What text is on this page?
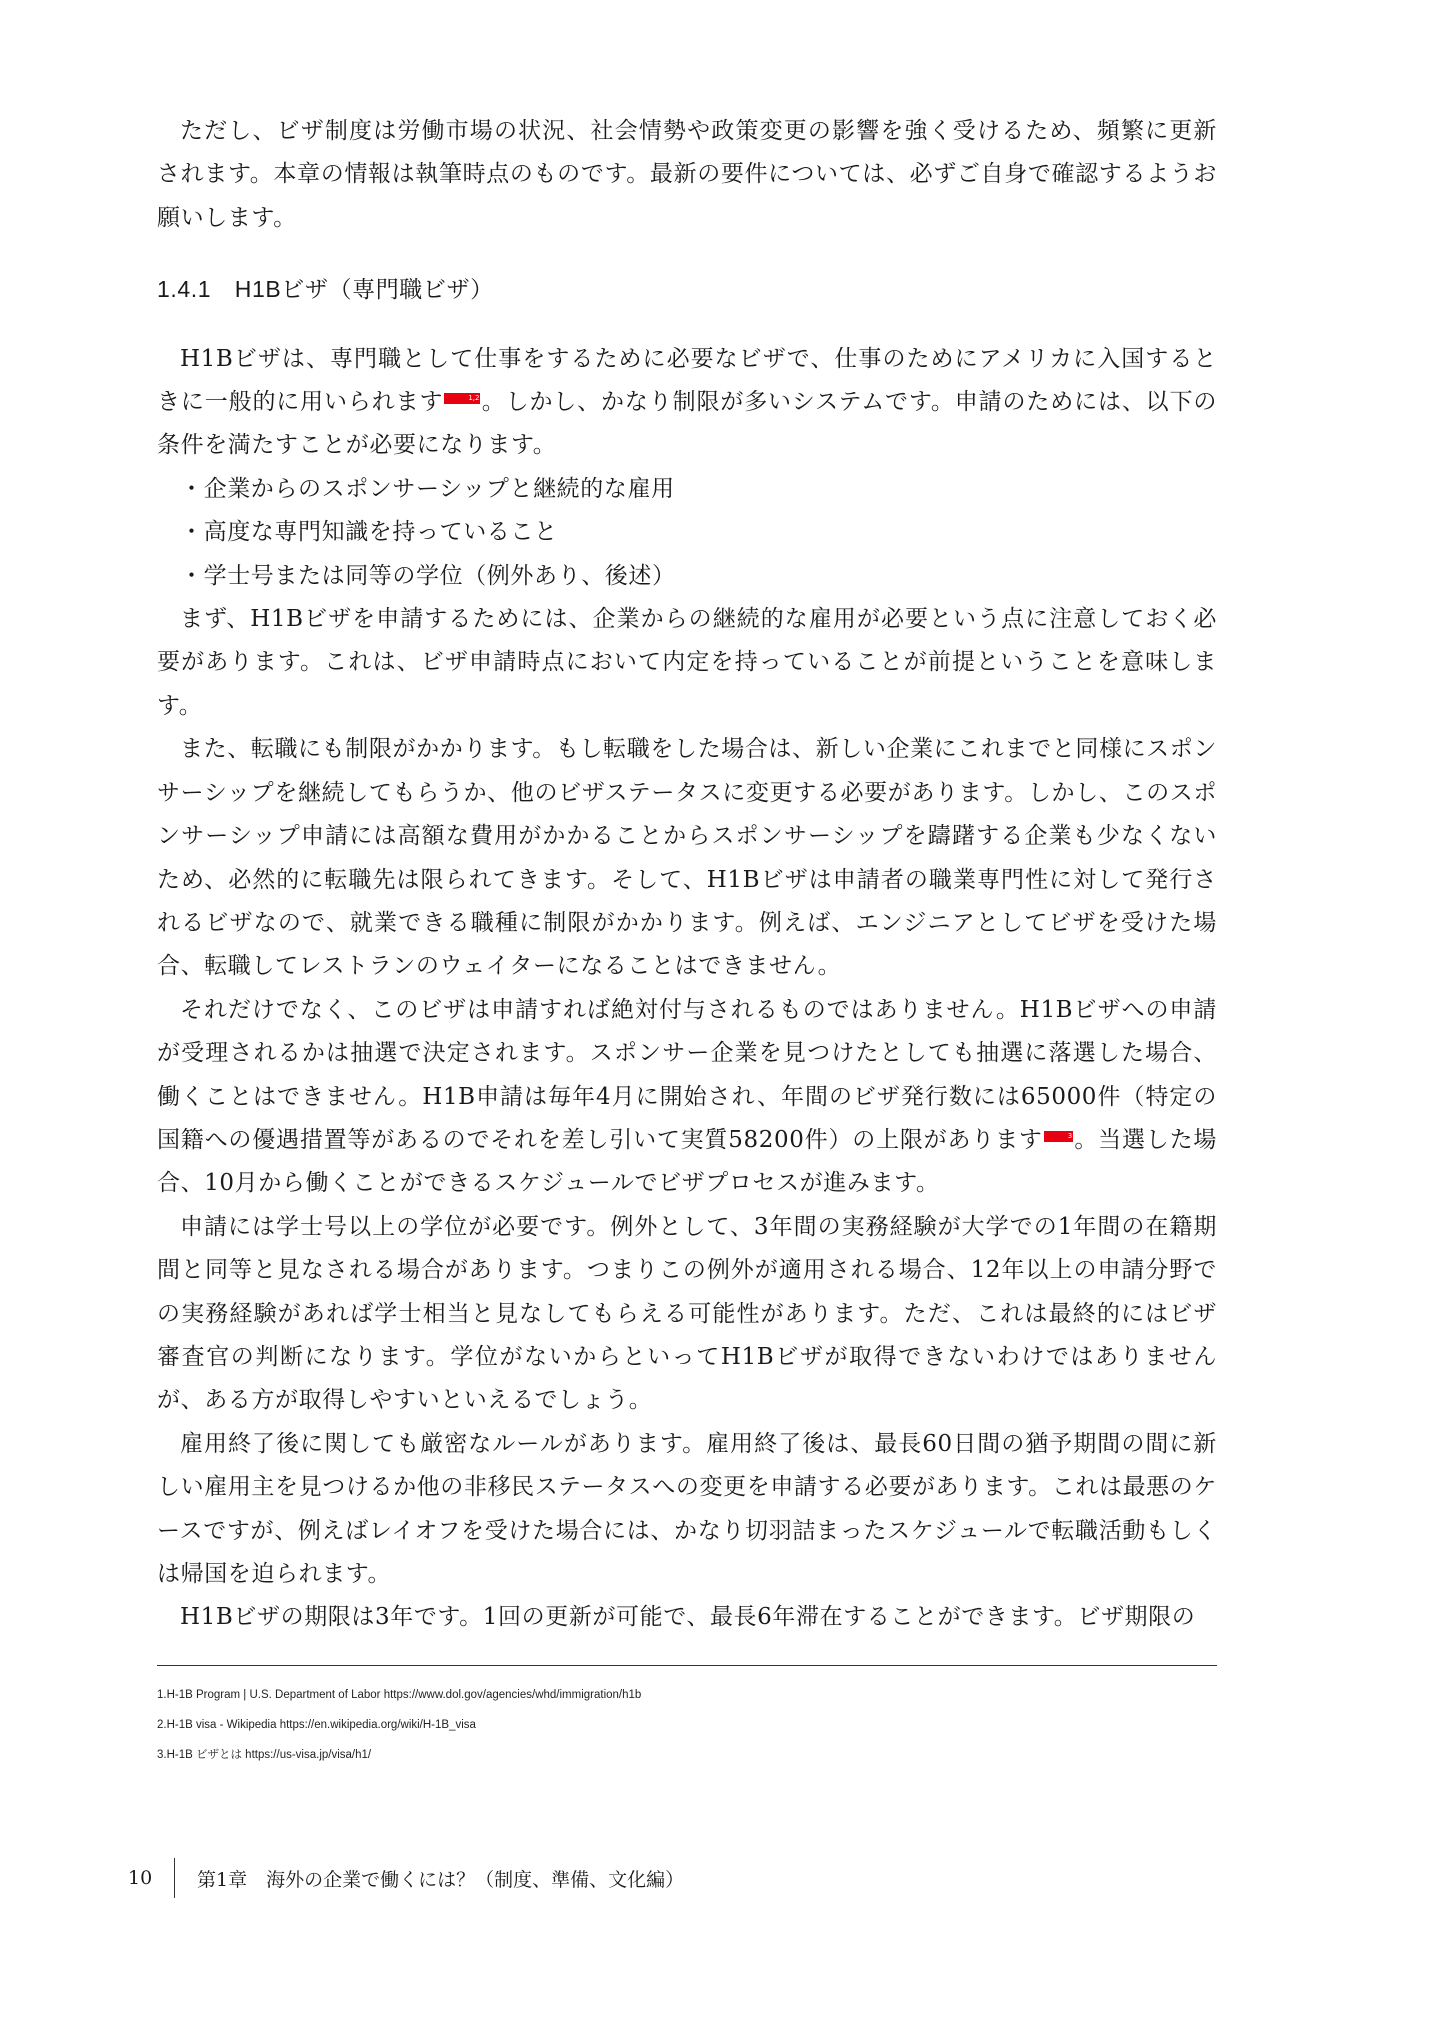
ただし、ビザ制度は労働市場の状況、社会情勢や政策変更の影響を強く受けるため、頻繁に更新されます。本章の情報は執筆時点のものです。最新の要件については、必ずご自身で確認するようお願いします。

1.4.1　H1Bビザ（専門職ビザ）

H1Bビザは、専門職として仕事をするために必要なビザで、仕事のためにアメリカに入国するときに一般的に用いられます	1,2。しかし、かなり制限が多いシステムです。申請のためには、以下の条件を満たすことが必要になります。

・企業からのスポンサーシップと継続的な雇用
・高度な専門知識を持っていること
・学士号または同等の学位（例外あり、後述）

まず、H1Bビザを申請するためには、企業からの継続的な雇用が必要という点に注意しておく必要があります。これは、ビザ申請時点において内定を持っていることが前提ということを意味します。

また、転職にも制限がかかります。もし転職をした場合は、新しい企業にこれまでと同様にスポンサーシップを継続してもらうか、他のビザステータスに変更する必要があります。しかし、このスポンサーシップ申請には高額な費用がかかることからスポンサーシップを躊躇する企業も少なくないため、必然的に転職先は限られてきます。そして、H1Bビザは申請者の職業専門性に対して発行されるビザなので、就業できる職種に制限がかかります。例えば、エンジニアとしてビザを受けた場合、転職してレストランのウェイターになることはできません。

それだけでなく、このビザは申請すれば絶対付与されるものではありません。H1Bビザへの申請が受理されるかは抽選で決定されます。スポンサー企業を見つけたとしても抽選に落選した場合、働くことはできません。H1B申請は毎年4月に開始され、年間のビザ発行数には65000件（特定の国籍への優遇措置等があるのでそれを差し引いて実質58200件）の上限があります	3。当選した場合、10月から働くことができるスケジュールでビザプロセスが進みます。

申請には学士号以上の学位が必要です。例外として、3年間の実務経験が大学での1年間の在籍期間と同等と見なされる場合があります。つまりこの例外が適用される場合、12年以上の申請分野での実務経験があれば学士相当と見なしてもらえる可能性があります。ただ、これは最終的にはビザ審査官の判断になります。学位がないからといってH1Bビザが取得できないわけではありませんが、ある方が取得しやすいといえるでしょう。

雇用終了後に関しても厳密なルールがあります。雇用終了後は、最長60日間の猶予期間の間に新しい雇用主を見つけるか他の非移民ステータスへの変更を申請する必要があります。これは最悪のケースですが、例えばレイオフを受けた場合には、かなり切羽詰まったスケジュールで転職活動もしくは帰国を迫られます。

H1Bビザの期限は3年です。1回の更新が可能で、最長6年滞在することができます。ビザ期限の

1.H-1B Program | U.S. Department of Labor https://www.dol.gov/agencies/whd/immigration/h1b
2.H-1B visa - Wikipedia https://en.wikipedia.org/wiki/H-1B_visa
3.H-1B ビザとは https://us-visa.jp/visa/h1/
10	第1章　海外の企業で働くには？（制度、準備、文化編）
